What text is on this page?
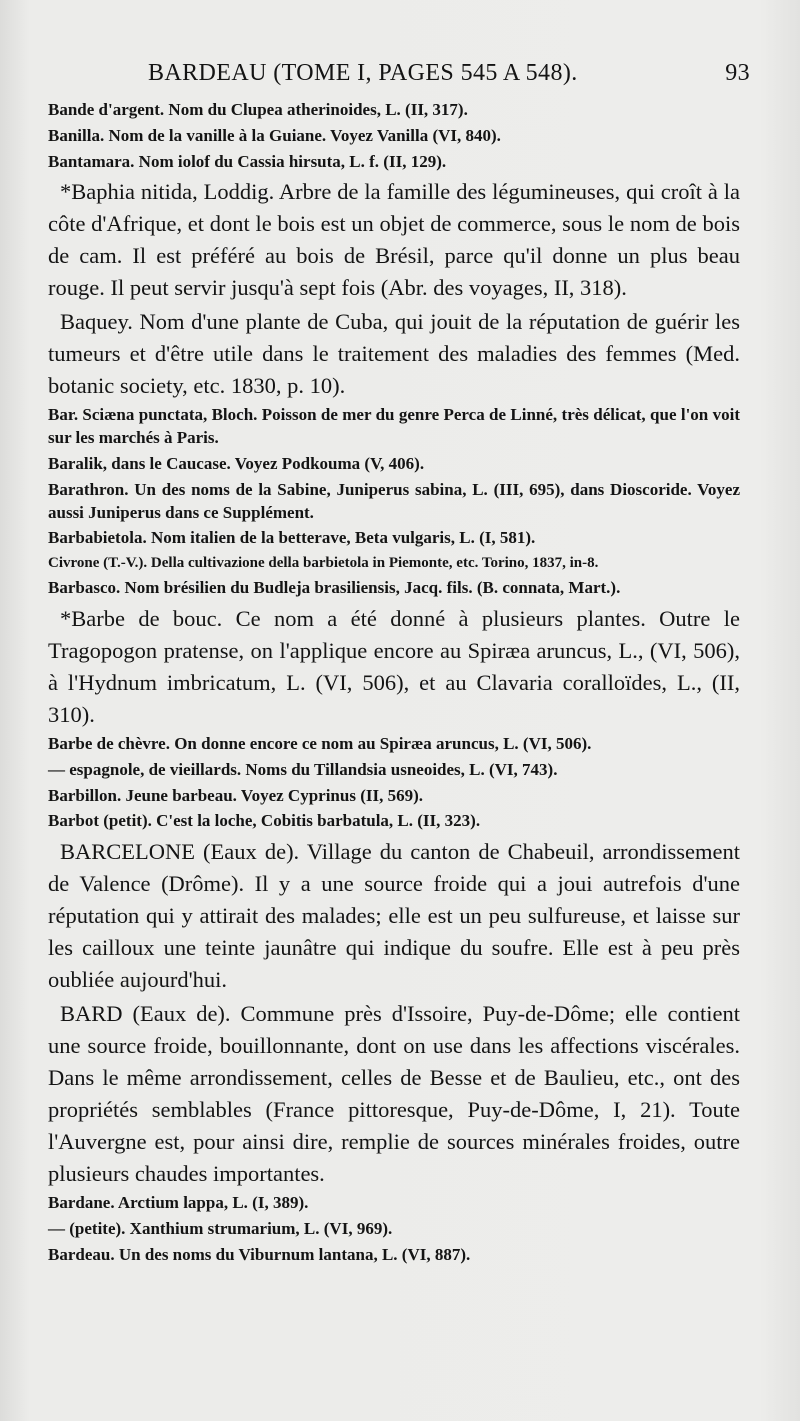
BARDEAU (TOME I, PAGES 545 A 548).	93

Bande d'argent. Nom du Clupea atherinoides, L. (II, 317).

Banilla. Nom de la vanille à la Guiane. Voyez Vanilla (VI, 840).

Bantamara. Nom iolof du Cassia hirsuta, L. f. (II, 129).

*Baphia nitida, Loddig. Arbre de la famille des légumineuses, qui croît à la côte d'Afrique, et dont le bois est un objet de commerce, sous le nom de bois de cam. Il est préféré au bois de Brésil, parce qu'il donne un plus beau rouge. Il peut servir jusqu'à sept fois (Abr. des voyages, II, 318).

Baquey. Nom d'une plante de Cuba, qui jouit de la réputation de guérir les tumeurs et d'être utile dans le traitement des maladies des femmes (Med. botanic society, etc. 1830, p. 10).

Bar. Sciæna punctata, Bloch. Poisson de mer du genre Perca de Linné, très délicat, que l'on voit sur les marchés à Paris.

Baralik, dans le Caucase. Voyez Podkouma (V, 406).

Barathron. Un des noms de la Sabine, Juniperus sabina, L. (III, 695), dans Dioscoride. Voyez aussi Juniperus dans ce Supplément.

Barbabietola. Nom italien de la betterave, Beta vulgaris, L. (I, 581).

Civrone (T.-V.). Della cultivazione della barbietola in Piemonte, etc. Torino, 1837, in-8.

Barbasco. Nom brésilien du Budleja brasiliensis, Jacq. fils. (B. connata, Mart.).

*Barbe de bouc. Ce nom a été donné à plusieurs plantes. Outre le Tragopogon pratense, on l'applique encore au Spiræa aruncus, L., (VI, 506), à l'Hydnum imbricatum, L. (VI, 506), et au Clavaria coralloïdes, L., (II, 310).

Barbe de chèvre. On donne encore ce nom au Spiræa aruncus, L. (VI, 506).

— espagnole, de vieillards. Noms du Tillandsia usneoides, L. (VI, 743).

Barbillon. Jeune barbeau. Voyez Cyprinus (II, 569).

Barbot (petit). C'est la loche, Cobitis barbatula, L. (II, 323).

BARCELONE (Eaux de). Village du canton de Chabeuil, arrondissement de Valence (Drôme). Il y a une source froide qui a joui autrefois d'une réputation qui y attirait des malades; elle est un peu sulfureuse, et laisse sur les cailloux une teinte jaunâtre qui indique du soufre. Elle est à peu près oubliée aujourd'hui.

BARD (Eaux de). Commune près d'Issoire, Puy-de-Dôme; elle contient une source froide, bouillonnante, dont on use dans les affections viscérales. Dans le même arrondissement, celles de Besse et de Baulieu, etc., ont des propriétés semblables (France pittoresque, Puy-de-Dôme, I, 21). Toute l'Auvergne est, pour ainsi dire, remplie de sources minérales froides, outre plusieurs chaudes importantes.

Bardane. Arctium lappa, L. (I, 389).

— (petite). Xanthium strumarium, L. (VI, 969).

Bardeau. Un des noms du Viburnum lantana, L. (VI, 887).
